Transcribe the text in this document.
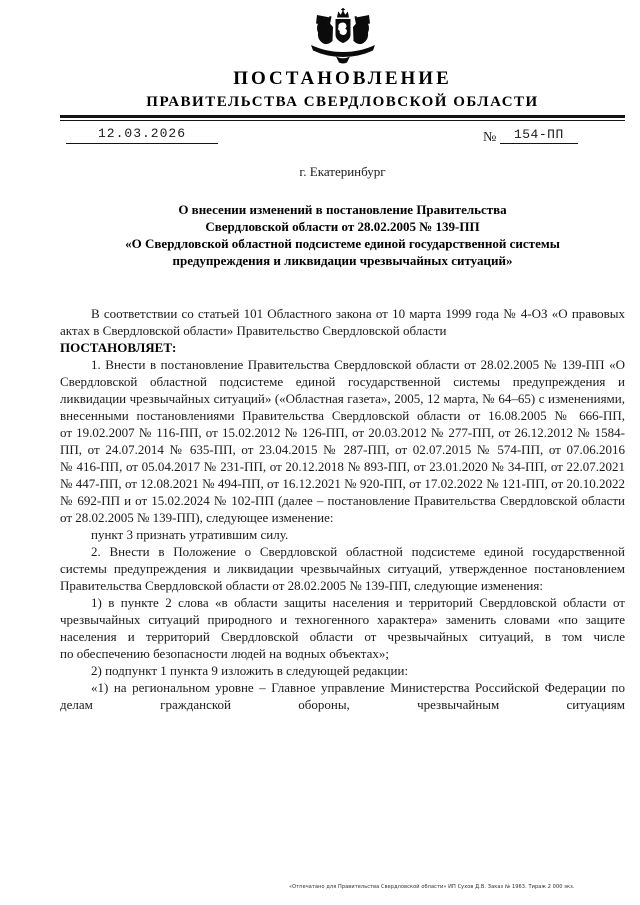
ПОСТАНОВЛЕНИЕ
ПРАВИТЕЛЬСТВА СВЕРДЛОВСКОЙ ОБЛАСТИ
12.03.2026	№ 154-ПП
г. Екатеринбург
О внесении изменений в постановление Правительства
Свердловской области от 28.02.2005 № 139-ПП
«О Свердловской областной подсистеме единой государственной системы
предупреждения и ликвидации чрезвычайных ситуаций»

В соответствии со статьей 101 Областного закона от 10 марта 1999 года № 4-ОЗ «О правовых актах в Свердловской области» Правительство Свердловской области

ПОСТАНОВЛЯЕТ:

1. Внести в постановление Правительства Свердловской области от 28.02.2005 № 139-ПП «О Свердловской областной подсистеме единой государственной системы предупреждения и ликвидации чрезвычайных ситуаций» («Областная газета», 2005, 12 марта, № 64–65) с изменениями, внесенными постановлениями Правительства Свердловской области от 16.08.2005 № 666-ПП, от 19.02.2007 № 116-ПП, от 15.02.2012 № 126-ПП, от 20.03.2012 № 277-ПП, от 26.12.2012 № 1584-ПП, от 24.07.2014 № 635-ПП, от 23.04.2015 № 287-ПП, от 02.07.2015 № 574-ПП, от 07.06.2016 № 416-ПП, от 05.04.2017 № 231-ПП, от 20.12.2018 № 893-ПП, от 23.01.2020 № 34-ПП, от 22.07.2021 № 447-ПП, от 12.08.2021 № 494-ПП, от 16.12.2021 № 920-ПП, от 17.02.2022 № 121-ПП, от 20.10.2022 № 692-ПП и от 15.02.2024 № 102-ПП (далее – постановление Правительства Свердловской области от 28.02.2005 № 139-ПП), следующее изменение:

пункт 3 признать утратившим силу.

2. Внести в Положение о Свердловской областной подсистеме единой государственной системы предупреждения и ликвидации чрезвычайных ситуаций, утвержденное постановлением Правительства Свердловской области от 28.02.2005 № 139-ПП, следующие изменения:

1) в пункте 2 слова «в области защиты населения и территорий Свердловской области от чрезвычайных ситуаций природного и техногенного характера» заменить словами «по защите населения и территорий Свердловской области от чрезвычайных ситуаций, в том числе по обеспечению безопасности людей на водных объектах»;

2) подпункт 1 пункта 9 изложить в следующей редакции:

«1) на региональном уровне – Главное управление Министерства Российской Федерации по делам гражданской обороны, чрезвычайным ситуациям

«Отпечатано для Правительства Свердловской области» ИП Сухов Д.В. Заказ № 1963. Тираж 2 000 экз.
